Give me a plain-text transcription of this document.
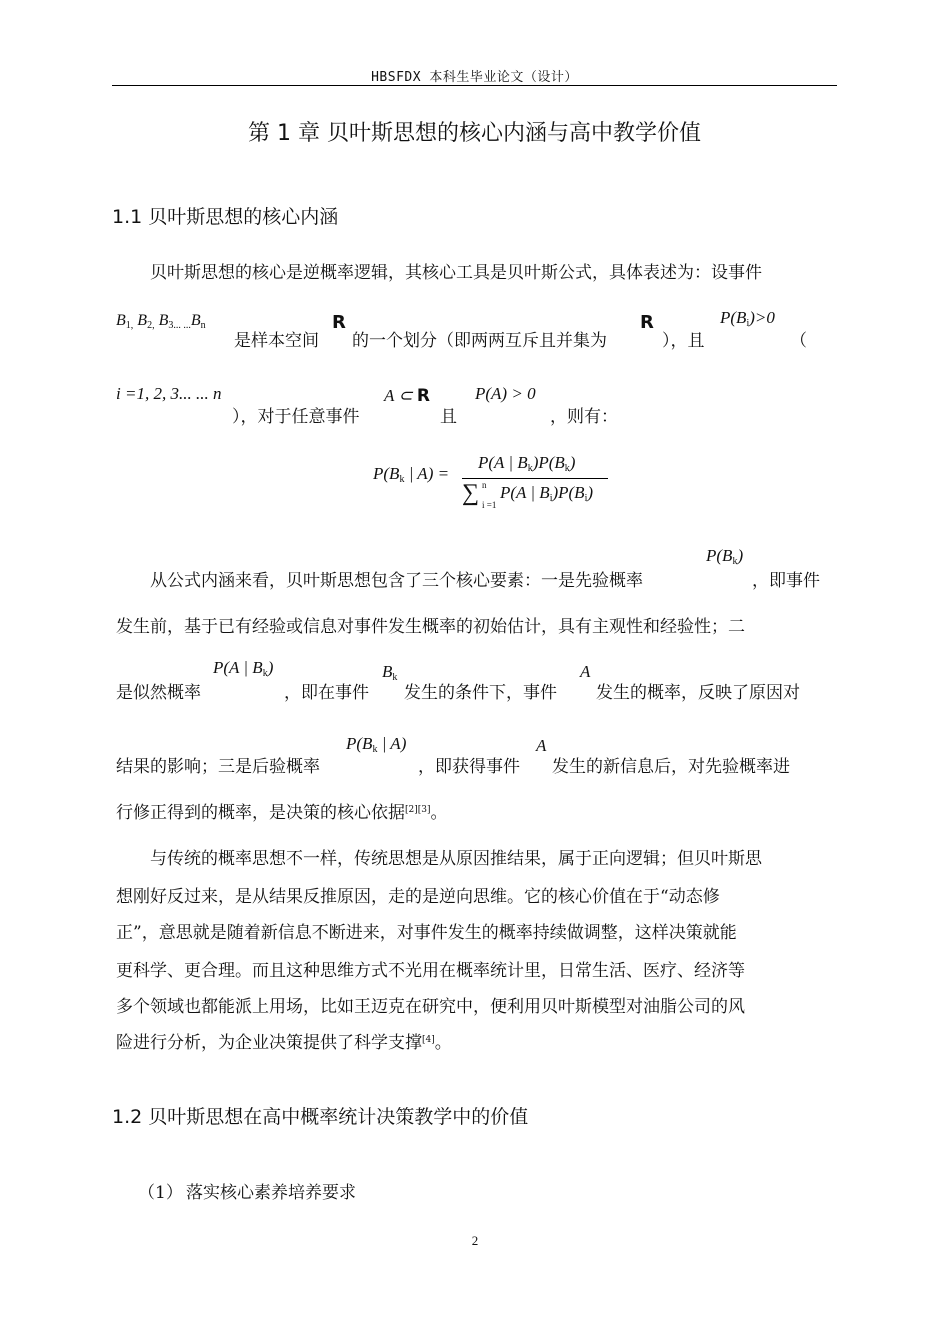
HBSFDX 本科生毕业论文（设计）
第 1 章 贝叶斯思想的核心内涵与高中教学价值
1.1 贝叶斯思想的核心内涵
贝叶斯思想的核心是逆概率逻辑，其核心工具是贝叶斯公式，具体表述为：设事件
$B_{1,}$ $B_{2,}$ $B_{3... ...}B_n$
是样本空间
R
的一个划分（即两两互斥且并集为
R
），且
$P(B_i)>0$
（
i =1, 2, 3... ... n
），对于任意事件
A ⊂ R
且
P(A) > 0
，则有：
$P(B_k$ | A) =
P(A | $B_k)P(B_k)$
∑ n
i =1
P(A | $B_i)P(B_i)$
从公式内涵来看，贝叶斯思想包含了三个核心要素：一是先验概率
$P(B_k)$
，即事件
发生前，基于已有经验或信息对事件发生概率的初始估计，具有主观性和经验性；二
是似然概率
P(A | $B_k$)
，即在事件
$B_k$
发生的条件下，事件
A
发生的概率，反映了原因对
结果的影响；三是后验概率
$P(B_k$ | A)
，即获得事件
A
发生的新信息后，对先验概率进
行修正得到的概率，是决策的核心依据[2][3]。
与传统的概率思想不一样，传统思想是从原因推结果，属于正向逻辑；但贝叶斯思
想刚好反过来，是从结果反推原因，走的是逆向思维。它的核心价值在于“动态修
正”，意思就是随着新信息不断进来，对事件发生的概率持续做调整，这样决策就能
更科学、更合理。而且这种思维方式不光用在概率统计里，日常生活、医疗、经济等
多个领域也都能派上用场，比如王迈克在研究中，便利用贝叶斯模型对油脂公司的风
险进行分析，为企业决策提供了科学支撑[4]。
1.2 贝叶斯思想在高中概率统计决策教学中的价值
（1） 落实核心素养培养要求
2
